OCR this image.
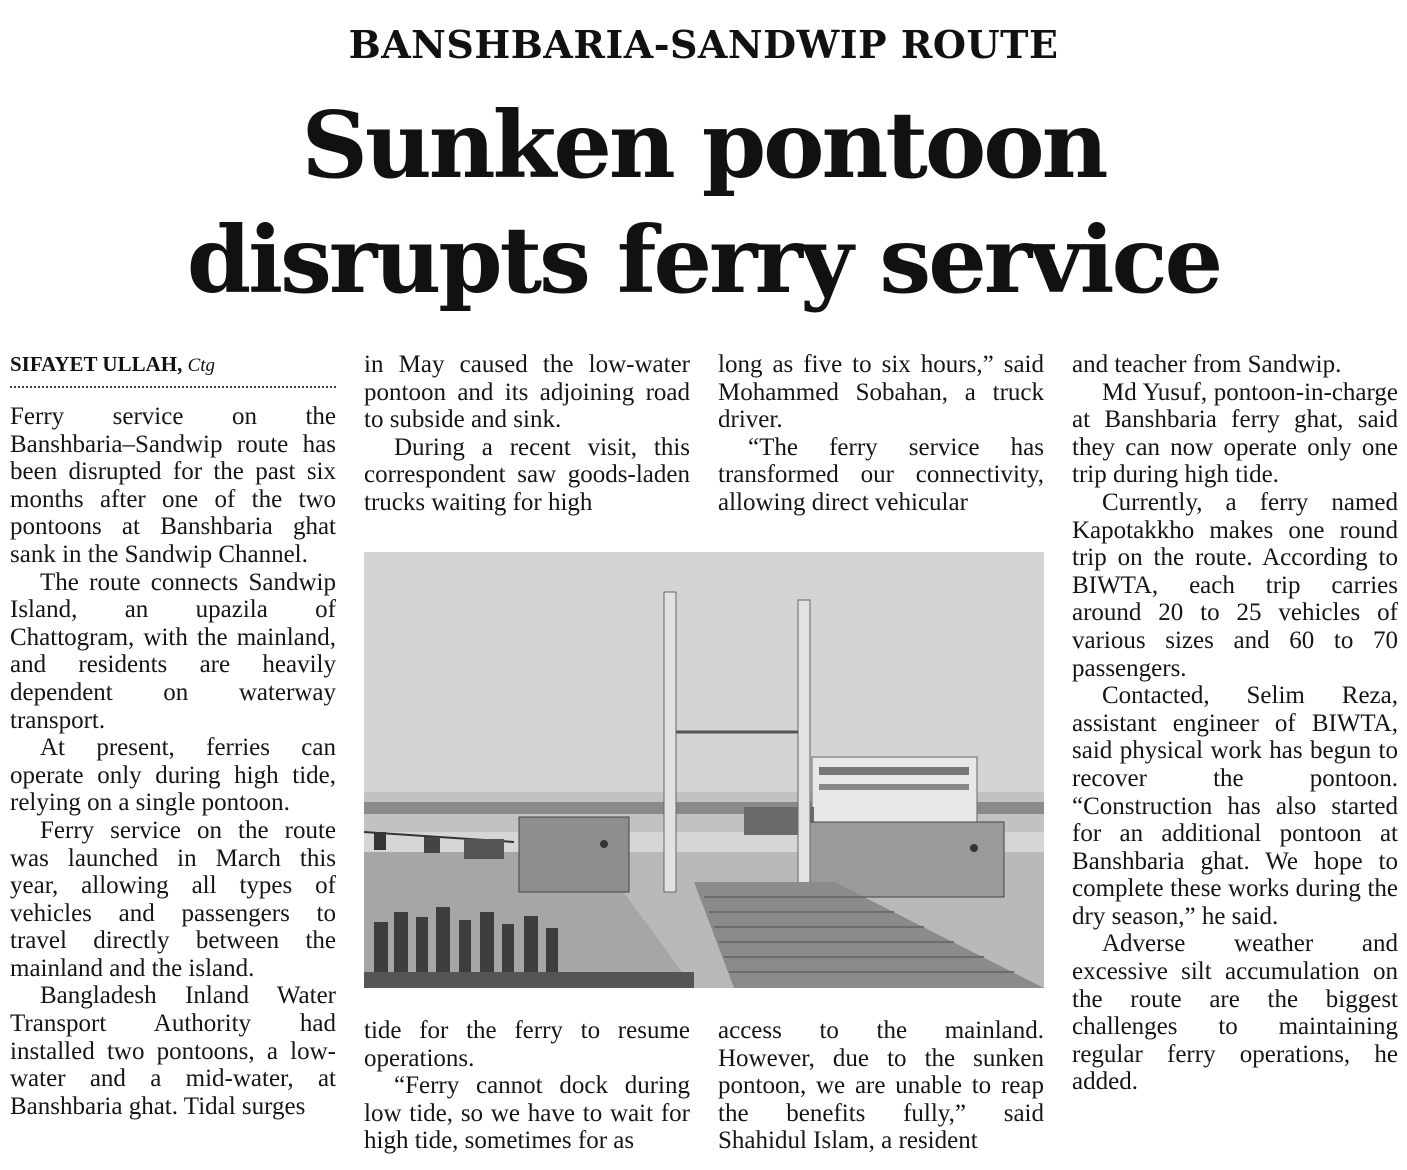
BANSHBARIA-SANDWIP ROUTE
Sunken pontoon
disrupts ferry service
SIFAYET ULLAH, Ctg

Ferry service on the Banshbaria–Sandwip route has been disrupted for the past six months after one of the two pontoons at Banshbaria ghat sank in the Sandwip Channel.

The route connects Sandwip Island, an upazila of Chattogram, with the mainland, and residents are heavily dependent on waterway transport.

At present, ferries can operate only during high tide, relying on a single pontoon.

Ferry service on the route was launched in March this year, allowing all types of vehicles and passengers to travel directly between the mainland and the island.

Bangladesh Inland Water Transport Authority had installed two pontoons, a low-water and a mid-water, at Banshbaria ghat. Tidal surges

in May caused the low-water pontoon and its adjoining road to subside and sink.

During a recent visit, this correspondent saw goods-laden trucks waiting for high

long as five to six hours,” said Mohammed Sobahan, a truck driver.

“The ferry service has transformed our connectivity, allowing direct vehicular

tide for the ferry to resume operations.

“Ferry cannot dock during low tide, so we have to wait for high tide, sometimes for as

access to the mainland. However, due to the sunken pontoon, we are unable to reap the benefits fully,” said Shahidul Islam, a resident

and teacher from Sandwip.

Md Yusuf, pontoon-in-charge at Banshbaria ferry ghat, said they can now operate only one trip during high tide.

Currently, a ferry named Kapotakkho makes one round trip on the route. According to BIWTA, each trip carries around 20 to 25 vehicles of various sizes and 60 to 70 passengers.

Contacted, Selim Reza, assistant engineer of BIWTA, said physical work has begun to recover the pontoon. “Construction has also started for an additional pontoon at Banshbaria ghat. We hope to complete these works during the dry season,” he said.

Adverse weather and excessive silt accumulation on the route are the biggest challenges to maintaining regular ferry operations, he added.
